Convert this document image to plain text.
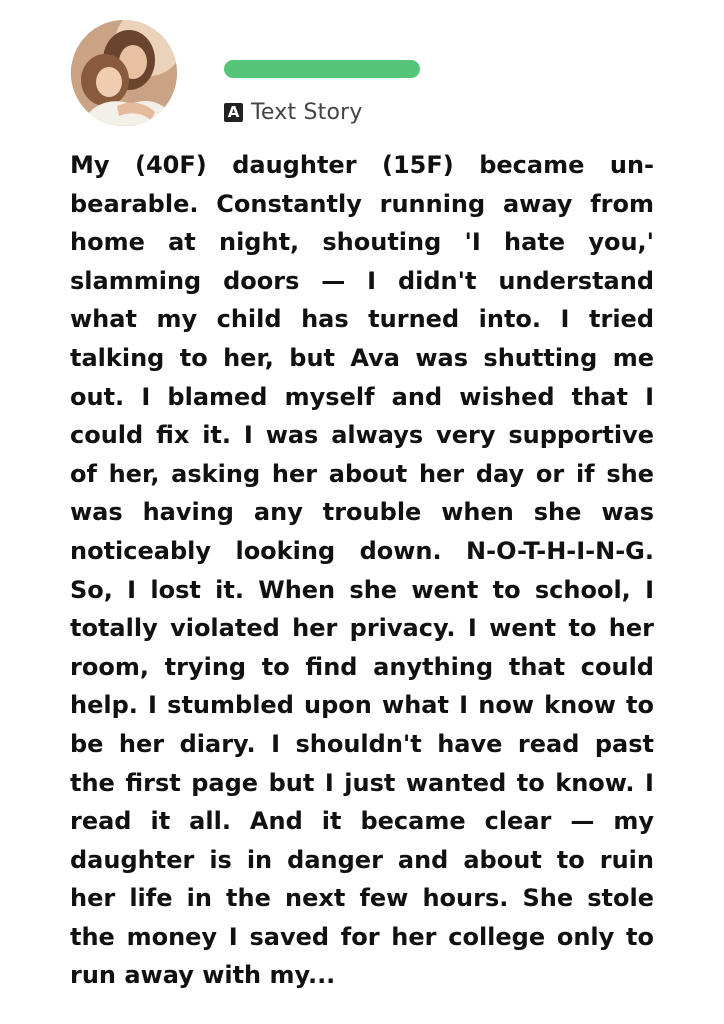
A Text Story

My (40F) daughter (15F) became un-bearable. Constantly running away from home at night, shouting 'I hate you,' slamming doors — I didn't understand what my child has turned into. I tried talking to her, but Ava was shutting me out. I blamed myself and wished that I could fix it. I was always very supportive of her, asking her about her day or if she was having any trouble when she was noticeably looking down. N-O-T-H-I-N-G. So, I lost it. When she went to school, I totally violated her privacy. I went to her room, trying to find anything that could help. I stumbled upon what I now know to be her diary. I shouldn't have read past the first page but I just wanted to know. I read it all. And it became clear — my daughter is in danger and about to ruin her life in the next few hours. She stole the money I saved for her college only to run away with my...
